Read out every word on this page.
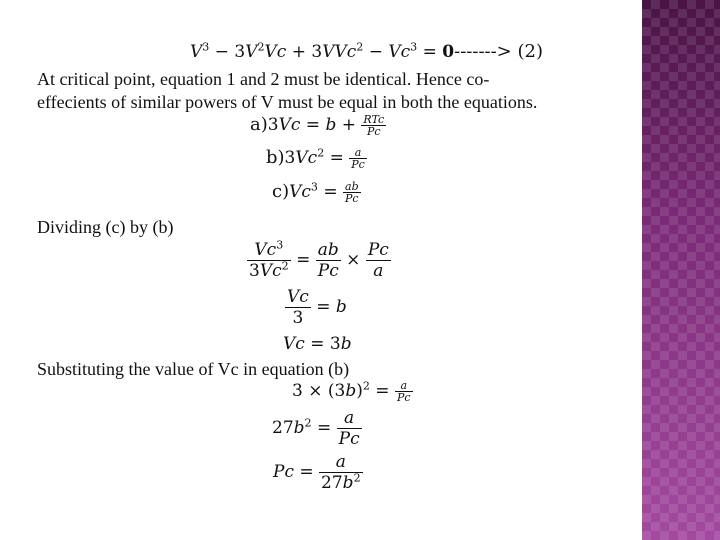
$V^3 - 3V^2Vc + 3VVc^2 - Vc^3 = 0-------> (2)$
At critical point, equation 1 and 2 must be identical. Hence co-
effecients of similar powers of V must be equal in both the equations.
$a)3Vc = b + \frac{\text{RTc}}{Pc}$
$b)3Vc^2 = \frac{a}{Pc}$
$c)Vc^3 = \frac{ab}{Pc}$
Dividing (c) by (b)
$\frac{Vc^3}{3Vc^2} = \frac{ab}{Pc} \times \frac{Pc}{a}$
$\frac{Vc}{3} = b$
Vc = 3b
Substituting the value of Vc in equation (b)
$3 \times (3b)^2 = \frac{a}{Pc}$
$27b^2 = \frac{a}{Pc}$
$Pc = \frac{a}{27b^2}$
